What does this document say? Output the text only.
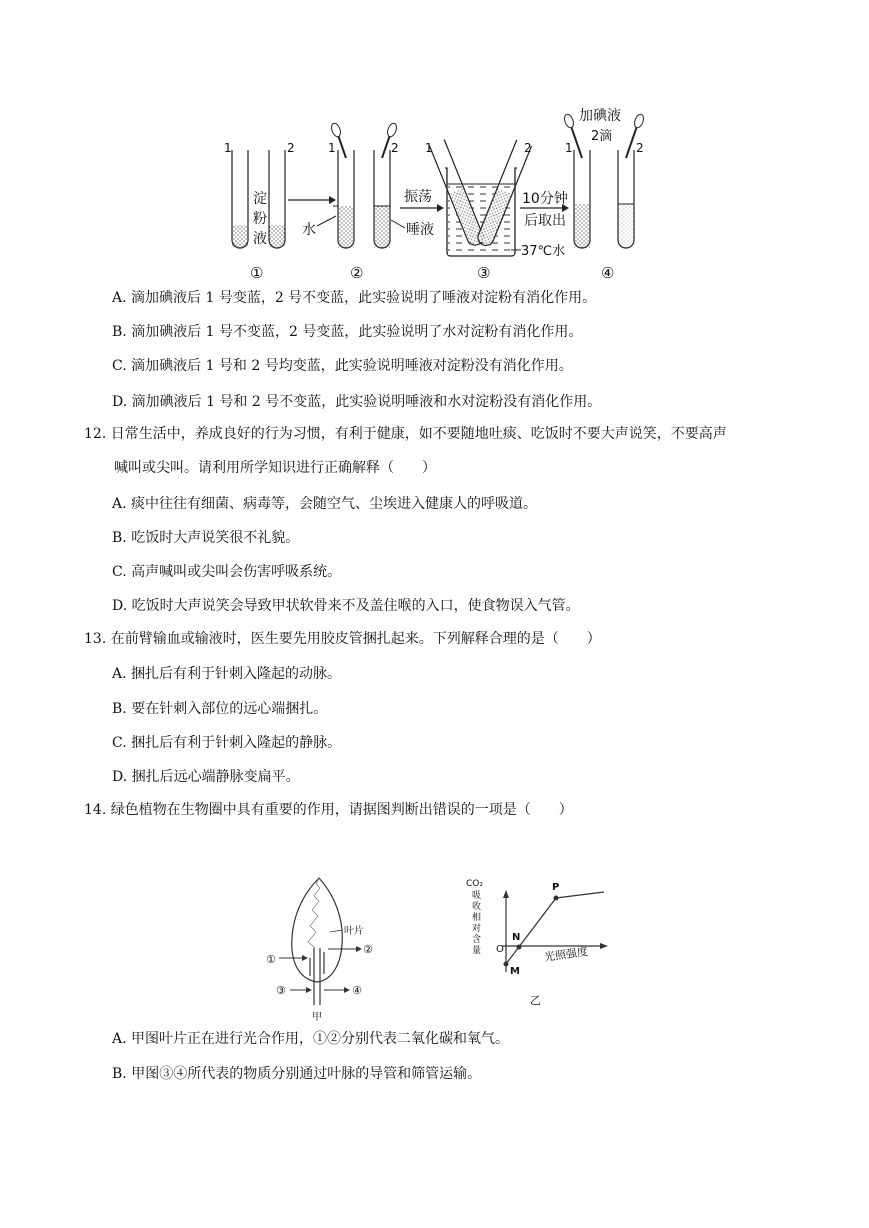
1	2
淀
粉
液
①
1	2
水	唾液
②
振荡
1	2
37℃水
③
10分钟
后取出
1	2
加碘液
2滴
④
A. 滴加碘液后 1 号变蓝，2 号不变蓝，此实验说明了唾液对淀粉有消化作用。
B. 滴加碘液后 1 号不变蓝，2 号变蓝，此实验说明了水对淀粉有消化作用。
C. 滴加碘液后 1 号和 2 号均变蓝，此实验说明唾液对淀粉没有消化作用。
D. 滴加碘液后 1 号和 2 号不变蓝，此实验说明唾液和水对淀粉没有消化作用。
12. 日常生活中，养成良好的行为习惯，有利于健康，如不要随地吐痰、吃饭时不要大声说笑，不要高声
喊叫或尖叫。请利用所学知识进行正确解释（　　）
A. 痰中往往有细菌、病毒等，会随空气、尘埃进入健康人的呼吸道。
B. 吃饭时大声说笑很不礼貌。
C. 高声喊叫或尖叫会伤害呼吸系统。
D. 吃饭时大声说笑会导致甲状软骨来不及盖住喉的入口，使食物误入气管。
13. 在前臂输血或输液时，医生要先用胶皮管捆扎起来。下列解释合理的是（　　）
A. 捆扎后有利于针刺入隆起的动脉。
B. 要在针刺入部位的远心端捆扎。
C. 捆扎后有利于针刺入隆起的静脉。
D. 捆扎后远心端静脉变扁平。
14. 绿色植物在生物圈中具有重要的作用，请据图判断出错误的一项是（　　）
①
②
③	④
叶片
甲
CO₂
吸
收
相
对
含
量	光照强度
P
N
O
M
乙
A. 甲图叶片正在进行光合作用，①②分别代表二氧化碳和氧气。
B. 甲图③④所代表的物质分别通过叶脉的导管和筛管运输。
